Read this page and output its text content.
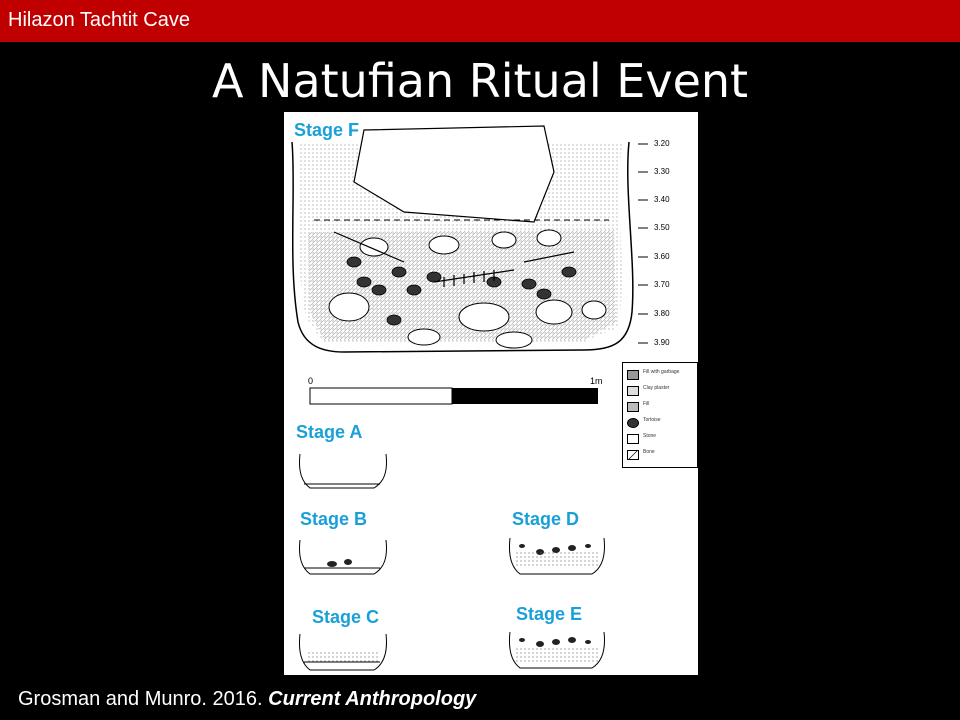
Hilazon Tachtit Cave
A Natufian Ritual Event
Stage F
Stage A
Stage B
Stage C
Stage D
Stage E
3.20
3.30
3.40
3.50
3.60
3.70
3.80
3.90
0	1m
Fill with garbage
Clay plaster
Fill
Tortoise
Stone
Bone
Grosman and Munro. 2016. Current Anthropology
